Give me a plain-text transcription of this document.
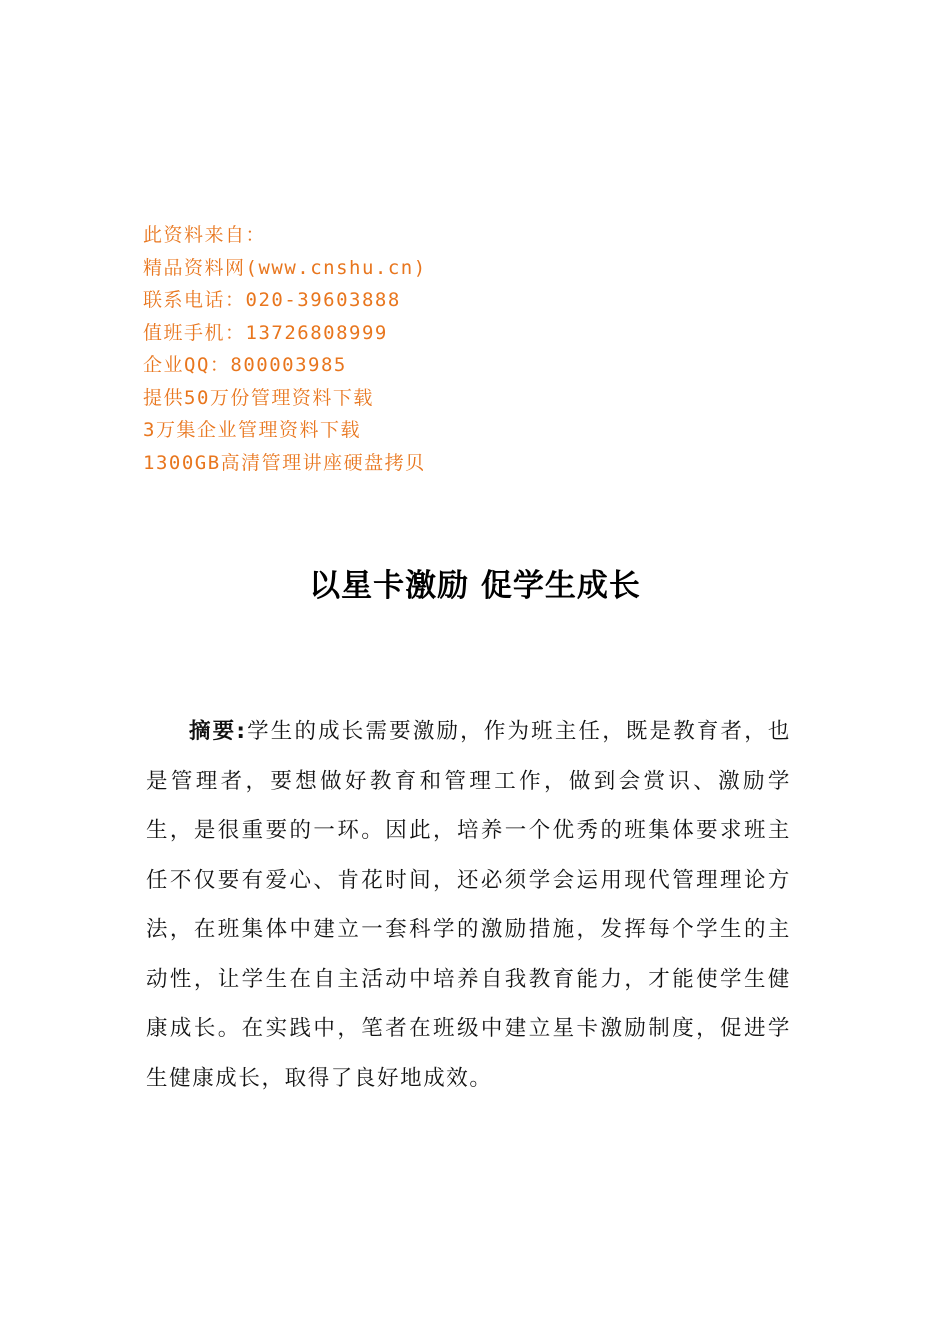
此资料来自：
精品资料网(www.cnshu.cn)
联系电话：020-39603888
值班手机：13726808999
企业QQ：800003985
提供50万份管理资料下载
3万集企业管理资料下载
1300GB高清管理讲座硬盘拷贝
以星卡激励 促学生成长

摘要:学生的成长需要激励，作为班主任，既是教育者，也是管理者，要想做好教育和管理工作，做到会赏识、激励学生，是很重要的一环。因此，培养一个优秀的班集体要求班主任不仅要有爱心、肯花时间，还必须学会运用现代管理理论方法，在班集体中建立一套科学的激励措施，发挥每个学生的主动性，让学生在自主活动中培养自我教育能力，才能使学生健康成长。在实践中，笔者在班级中建立星卡激励制度，促进学生健康成长，取得了良好地成效。
